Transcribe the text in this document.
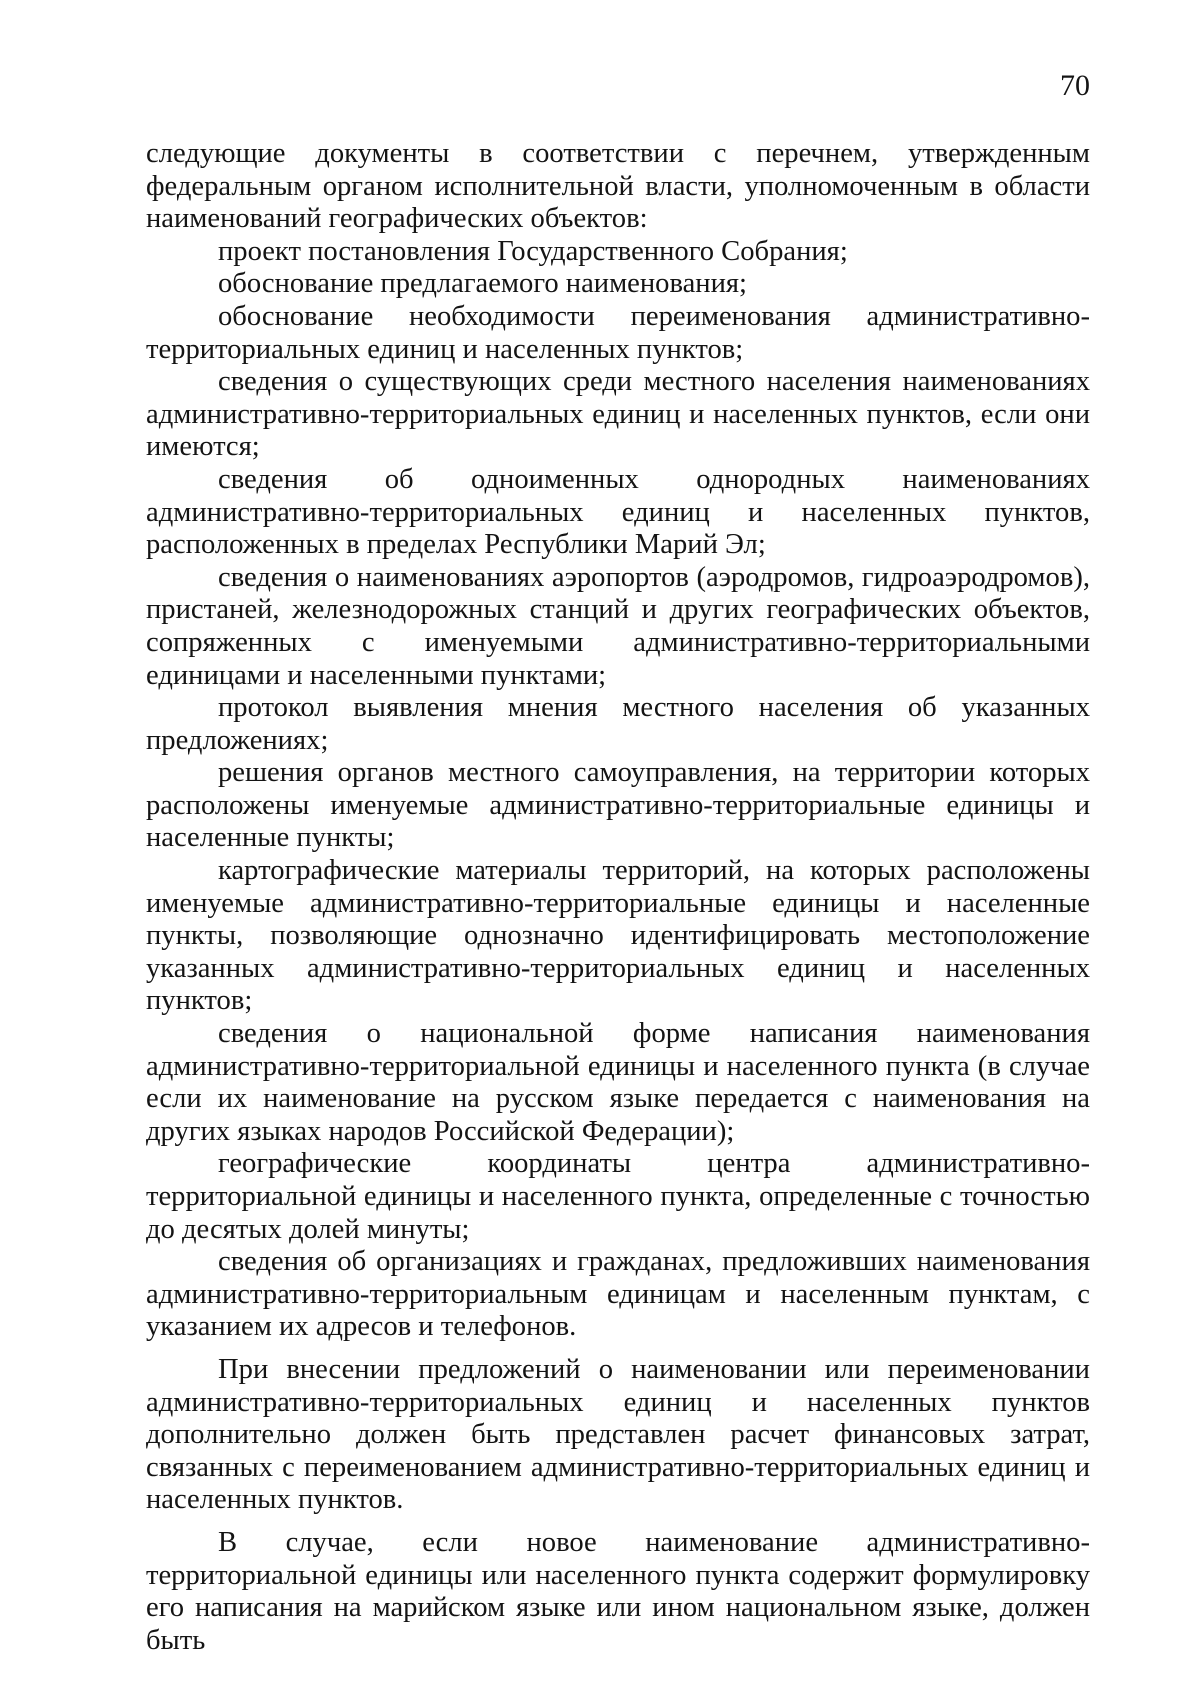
70

следующие документы в соответствии с перечнем, утвержденным федеральным органом исполнительной власти, уполномоченным в области наименований географических объектов:

проект постановления Государственного Собрания;

обоснование предлагаемого наименования;

обоснование необходимости переименования административно-территориальных единиц и населенных пунктов;

сведения о существующих среди местного населения наименованиях административно-территориальных единиц и населенных пунктов, если они имеются;

сведения об одноименных однородных наименованиях административно-территориальных единиц и населенных пунктов, расположенных в пределах Республики Марий Эл;

сведения о наименованиях аэропортов (аэродромов, гидроаэродромов), пристаней, железнодорожных станций и других географических объектов, сопряженных с именуемыми административно-территориальными единицами и населенными пунктами;

протокол выявления мнения местного населения об указанных предложениях;

решения органов местного самоуправления, на территории которых расположены именуемые административно-территориальные единицы и населенные пункты;

картографические материалы территорий, на которых расположены именуемые административно-территориальные единицы и населенные пункты, позволяющие однозначно идентифицировать местоположение указанных административно-территориальных единиц и населенных пунктов;

сведения о национальной форме написания наименования административно-территориальной единицы и населенного пункта (в случае если их наименование на русском языке передается с наименования на других языках народов Российской Федерации);

географические координаты центра административно-территориальной единицы и населенного пункта, определенные с точностью до десятых долей минуты;

сведения об организациях и гражданах, предложивших наименования административно-территориальным единицам и населенным пунктам, с указанием их адресов и телефонов.

При внесении предложений о наименовании или переименовании административно-территориальных единиц и населенных пунктов дополнительно должен быть представлен расчет финансовых затрат, связанных с переименованием административно-территориальных единиц и населенных пунктов.

В случае, если новое наименование административно-территориальной единицы или населенного пункта содержит формулировку его написания на марийском языке или ином национальном языке, должен быть
